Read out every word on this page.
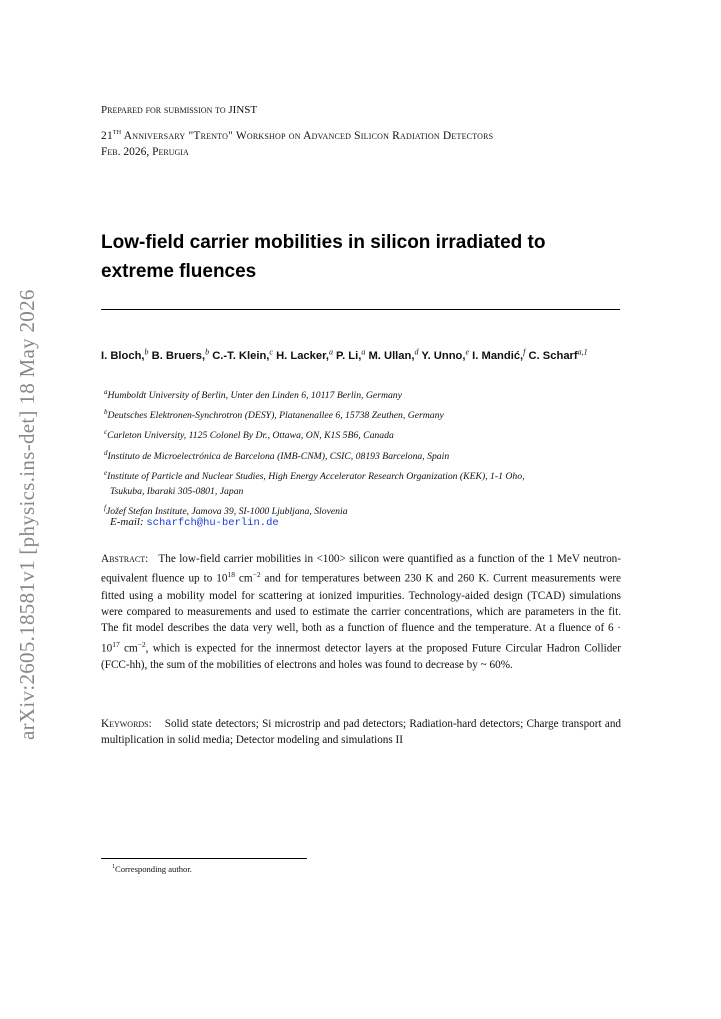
arXiv:2605.18581v1 [physics.ins-det] 18 May 2026
Prepared for submission to JINST
21th Anniversary "Trento" Workshop on Advanced Silicon Radiation Detectors
Feb. 2026, Perugia
Low-field carrier mobilities in silicon irradiated to extreme fluences
I. Bloch,$^b$ B. Bruers,$^b$ C.-T. Klein,$^c$ H. Lacker,$^a$ P. Li,$^a$ M. Ullan,$^d$ Y. Unno,$^e$ I. Mandić,$^f$ C. Scharf$^{a,1}$
$^a$Humboldt University of Berlin, Unter den Linden 6, 10117 Berlin, Germany
$^b$Deutsches Elektronen-Synchrotron (DESY), Platanenallee 6, 15738 Zeuthen, Germany
$^c$Carleton University, 1125 Colonel By Dr., Ottawa, ON, K1S 5B6, Canada
$^d$Instituto de Microelectrónica de Barcelona (IMB-CNM), CSIC, 08193 Barcelona, Spain
$^e$Institute of Particle and Nuclear Studies, High Energy Accelerator Research Organization (KEK), 1-1 Oho,
Tsukuba, Ibaraki 305-0801, Japan
$^f$Jožef Stefan Institute, Jamova 39, SI-1000 Ljubljana, Slovenia
E-mail: scharfch@hu-berlin.de
Abstract: The low-field carrier mobilities in <100> silicon were quantified as a function of the 1 MeV neutron-equivalent fluence up to $10^{18}$ $cm^{-2}$ and for temperatures between 230 K and 260 K. Current measurements were fitted using a mobility model for scattering at ionized impurities. Technology-aided design (TCAD) simulations were compared to measurements and used to estimate the carrier concentrations, which are parameters in the fit. The fit model describes the data very well, both as a function of fluence and the temperature. At a fluence of $6 \cdot 10^{17}$ $cm^{-2}$, which is expected for the innermost detector layers at the proposed Future Circular Hadron Collider (FCC-hh), the sum of the mobilities of electrons and holes was found to decrease by ~ 60%.
Keywords: Solid state detectors; Si microstrip and pad detectors; Radiation-hard detectors; Charge transport and multiplication in solid media; Detector modeling and simulations II
$^1$Corresponding author.
